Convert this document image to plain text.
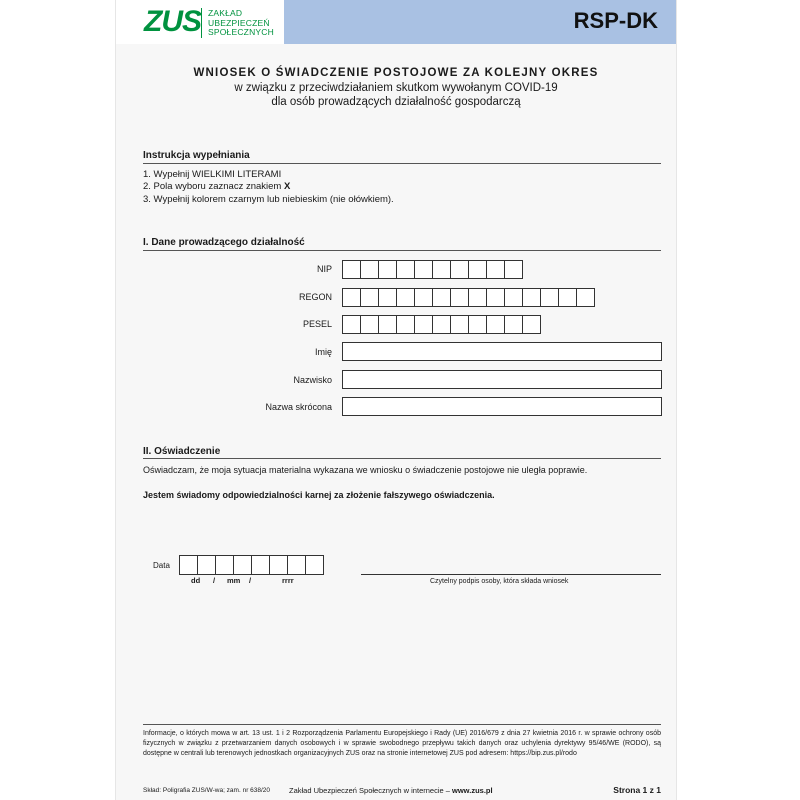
ZUS ZAKŁAD
UBEZPIECZEŃ
SPOŁECZNYCH	RSP-DK
WNIOSEK O ŚWIADCZENIE POSTOJOWE ZA KOLEJNY OKRES
w związku z przeciwdziałaniem skutkom wywołanym COVID-19
dla osób prowadzących działalność gospodarczą
Instrukcja wypełniania
1. Wypełnij WIELKIMI LITERAMI
2. Pola wyboru zaznacz znakiem X
3. Wypełnij kolorem czarnym lub niebieskim (nie ołówkiem).
I. Dane prowadzącego działalność
NIP
REGON
PESEL
Imię
Nazwisko
Nazwa skrócona
II. Oświadczenie
Oświadczam, że moja sytuacja materialna wykazana we wniosku o świadczenie postojowe nie uległa poprawie.
Jestem świadomy odpowiedzialności karnej za złożenie fałszywego oświadczenia.
Data
dd / mm /	rrrr	Czytelny podpis osoby, która składa wniosek
Informacje, o których mowa w art. 13 ust. 1 i 2 Rozporządzenia Parlamentu Europejskiego i Rady (UE) 2016/679 z dnia 27 kwietnia 2016 r. w sprawie ochrony osób fizycznych w związku z przetwarzaniem danych osobowych i w sprawie swobodnego przepływu takich danych oraz uchylenia dyrektywy 95/46/WE (RODO), są dostępne w centrali lub terenowych jednostkach organizacyjnych ZUS oraz na stronie internetowej ZUS pod adresem: https://bip.zus.pl/rodo
Skład: Poligrafia ZUS/W-wa; zam. nr 638/20	Zakład Ubezpieczeń Społecznych w internecie – www.zus.pl	Strona 1 z 1
